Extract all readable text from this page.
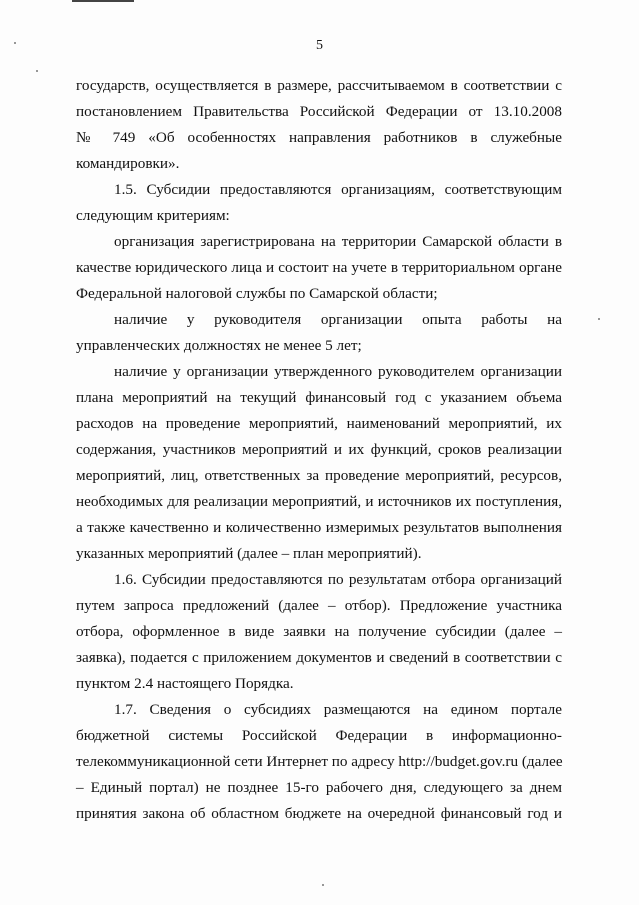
5

государств, осуществляется в размере, рассчитываемом в соответствии с
постановлением Правительства Российской Федерации от 13.10.2008
№ 749 «Об особенностях направления работников в служебные
командировки».

1.5. Субсидии предоставляются организациям, соответствующим
следующим критериям:

организация зарегистрирована на территории Самарской области в
качестве юридического лица и состоит на учете в территориальном органе
Федеральной налоговой службы по Самарской области;

наличие у руководителя организации опыта работы на
управленческих должностях не менее 5 лет;

наличие у организации утвержденного руководителем организации
плана мероприятий на текущий финансовый год с указанием объема
расходов на проведение мероприятий, наименований мероприятий, их
содержания, участников мероприятий и их функций, сроков реализации
мероприятий, лиц, ответственных за проведение мероприятий, ресурсов,
необходимых для реализации мероприятий, и источников их поступления,
а также качественно и количественно измеримых результатов выполнения
указанных мероприятий (далее – план мероприятий).

1.6. Субсидии предоставляются по результатам отбора организаций
путем запроса предложений (далее – отбор). Предложение участника
отбора, оформленное в виде заявки на получение субсидии (далее –
заявка), подается с приложением документов и сведений в соответствии с
пунктом 2.4 настоящего Порядка.

1.7. Сведения о субсидиях размещаются на едином портале
бюджетной системы Российской Федерации в информационно-
телекоммуникационной сети Интернет по адресу http://budget.gov.ru (далее
– Единый портал) не позднее 15-го рабочего дня, следующего за днем
принятия закона об областном бюджете на очередной финансовый год и
